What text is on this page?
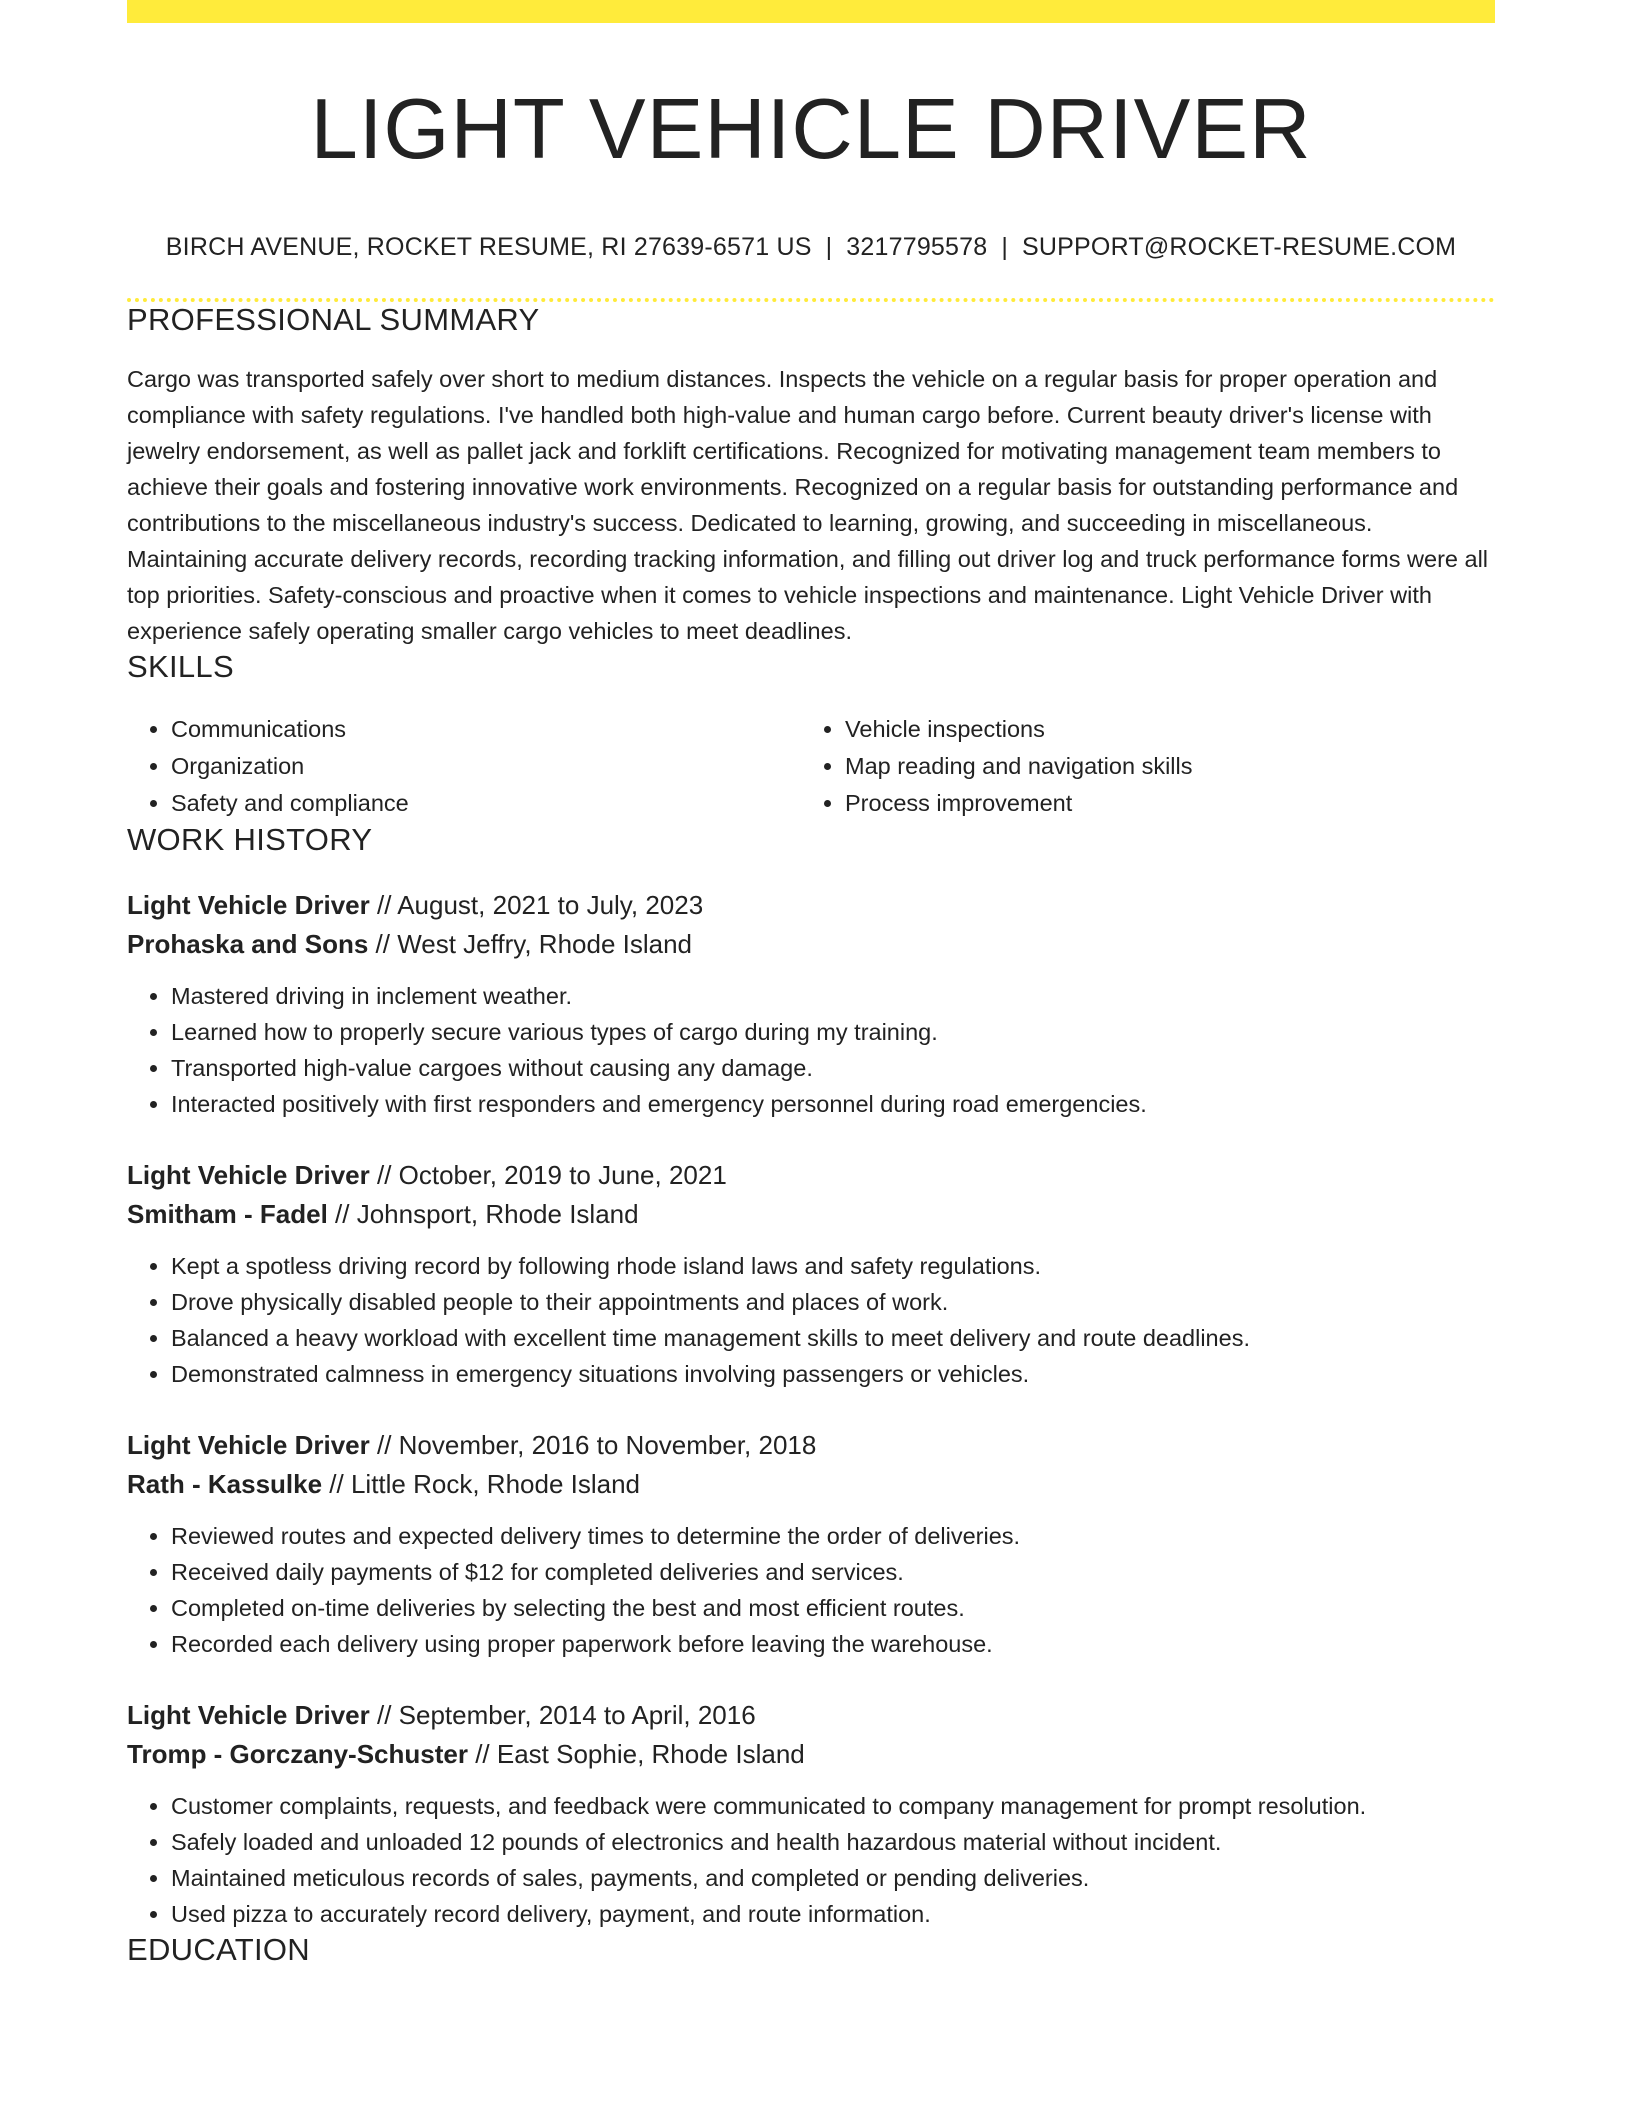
LIGHT VEHICLE DRIVER
BIRCH AVENUE, ROCKET RESUME, RI 27639-6571 US | 3217795578 | SUPPORT@ROCKET-RESUME.COM
PROFESSIONAL SUMMARY
Cargo was transported safely over short to medium distances. Inspects the vehicle on a regular basis for proper operation and compliance with safety regulations. I've handled both high-value and human cargo before. Current beauty driver's license with jewelry endorsement, as well as pallet jack and forklift certifications. Recognized for motivating management team members to achieve their goals and fostering innovative work environments. Recognized on a regular basis for outstanding performance and contributions to the miscellaneous industry's success. Dedicated to learning, growing, and succeeding in miscellaneous. Maintaining accurate delivery records, recording tracking information, and filling out driver log and truck performance forms were all top priorities. Safety-conscious and proactive when it comes to vehicle inspections and maintenance. Light Vehicle Driver with experience safely operating smaller cargo vehicles to meet deadlines.
SKILLS
• Communications
• Organization
• Safety and compliance
• Vehicle inspections
• Map reading and navigation skills
• Process improvement
WORK HISTORY
Light Vehicle Driver // August, 2021 to July, 2023
Prohaska and Sons // West Jeffry, Rhode Island
• Mastered driving in inclement weather.
• Learned how to properly secure various types of cargo during my training.
• Transported high-value cargoes without causing any damage.
• Interacted positively with first responders and emergency personnel during road emergencies.
Light Vehicle Driver // October, 2019 to June, 2021
Smitham - Fadel // Johnsport, Rhode Island
• Kept a spotless driving record by following rhode island laws and safety regulations.
• Drove physically disabled people to their appointments and places of work.
• Balanced a heavy workload with excellent time management skills to meet delivery and route deadlines.
• Demonstrated calmness in emergency situations involving passengers or vehicles.
Light Vehicle Driver // November, 2016 to November, 2018
Rath - Kassulke // Little Rock, Rhode Island
• Reviewed routes and expected delivery times to determine the order of deliveries.
• Received daily payments of $12 for completed deliveries and services.
• Completed on-time deliveries by selecting the best and most efficient routes.
• Recorded each delivery using proper paperwork before leaving the warehouse.
Light Vehicle Driver // September, 2014 to April, 2016
Tromp - Gorczany-Schuster // East Sophie, Rhode Island
• Customer complaints, requests, and feedback were communicated to company management for prompt resolution.
• Safely loaded and unloaded 12 pounds of electronics and health hazardous material without incident.
• Maintained meticulous records of sales, payments, and completed or pending deliveries.
• Used pizza to accurately record delivery, payment, and route information.
EDUCATION
